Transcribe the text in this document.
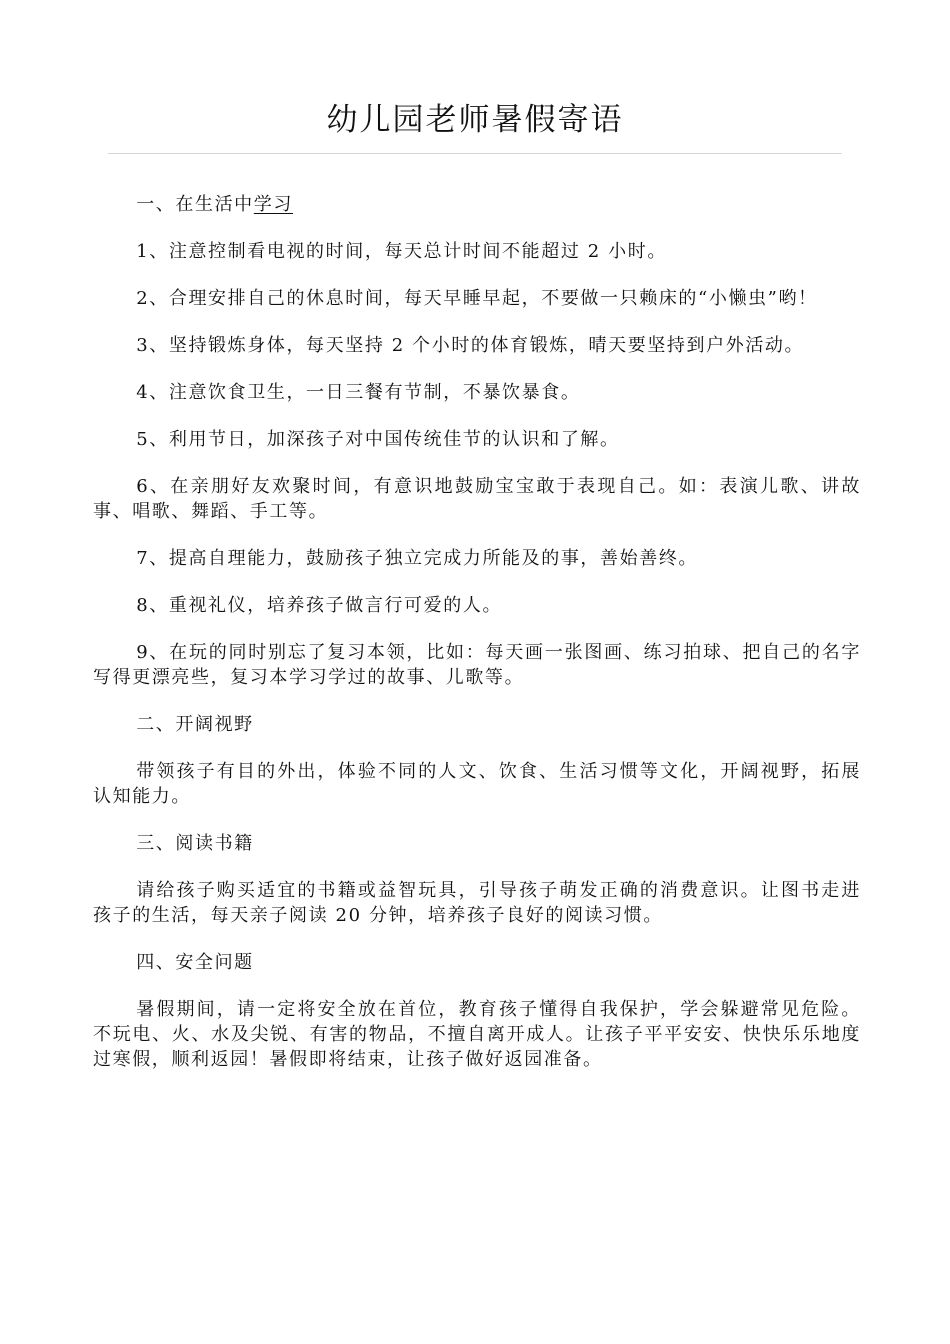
幼儿园老师暑假寄语

一、在生活中学习

1、注意控制看电视的时间，每天总计时间不能超过 2 小时。

2、合理安排自己的休息时间，每天早睡早起，不要做一只赖床的“小懒虫”哟！

3、坚持锻炼身体，每天坚持 2 个小时的体育锻炼，晴天要坚持到户外活动。

4、注意饮食卫生，一日三餐有节制，不暴饮暴食。

5、利用节日，加深孩子对中国传统佳节的认识和了解。

6、在亲朋好友欢聚时间，有意识地鼓励宝宝敢于表现自己。如：表演儿歌、讲故事、唱歌、舞蹈、手工等。

7、提高自理能力，鼓励孩子独立完成力所能及的事，善始善终。

8、重视礼仪，培养孩子做言行可爱的人。

9、在玩的同时别忘了复习本领，比如：每天画一张图画、练习拍球、把自己的名字写得更漂亮些，复习本学习学过的故事、儿歌等。

二、开阔视野

带领孩子有目的外出，体验不同的人文、饮食、生活习惯等文化，开阔视野，拓展认知能力。

三、阅读书籍

请给孩子购买适宜的书籍或益智玩具，引导孩子萌发正确的消费意识。让图书走进孩子的生活，每天亲子阅读 20 分钟，培养孩子良好的阅读习惯。

四、安全问题

暑假期间，请一定将安全放在首位，教育孩子懂得自我保护，学会躲避常见危险。不玩电、火、水及尖锐、有害的物品，不擅自离开成人。让孩子平平安安、快快乐乐地度过寒假，顺利返园！暑假即将结束，让孩子做好返园准备。
